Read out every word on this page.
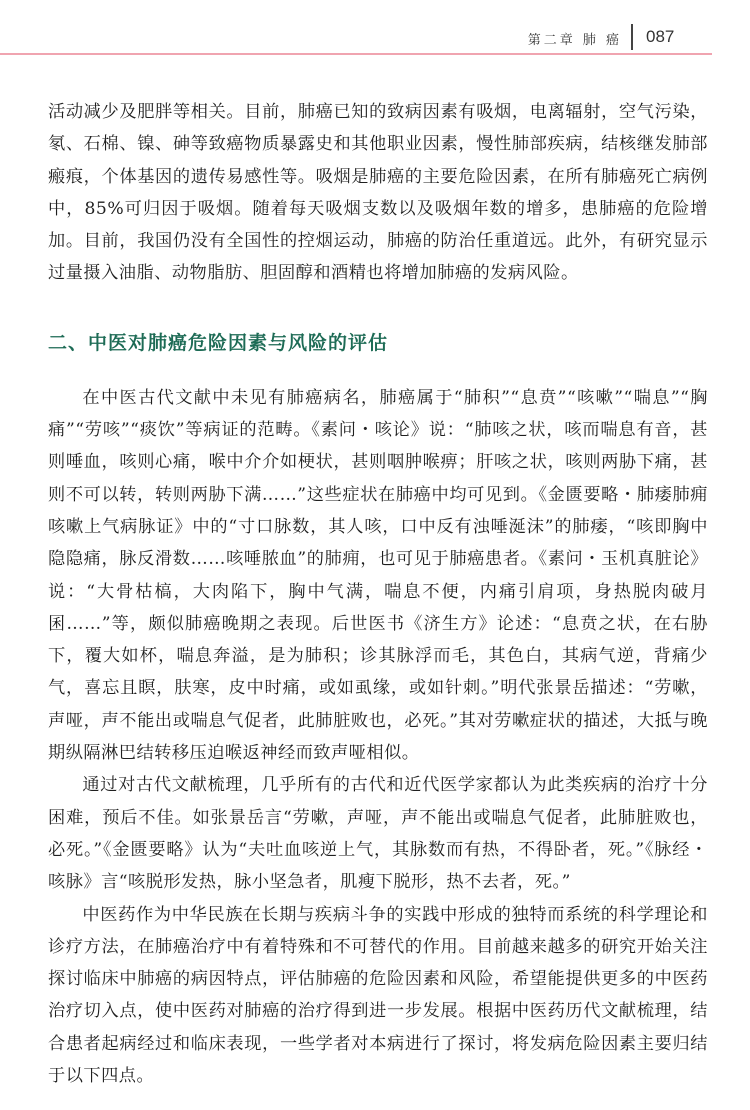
第二章 肺 癌 087

活动减少及肥胖等相关。目前，肺癌已知的致病因素有吸烟，电离辐射，空气污染，氡、石棉、镍、砷等致癌物质暴露史和其他职业因素，慢性肺部疾病，结核继发肺部瘢痕，个体基因的遗传易感性等。吸烟是肺癌的主要危险因素，在所有肺癌死亡病例中，85%可归因于吸烟。随着每天吸烟支数以及吸烟年数的增多，患肺癌的危险增加。目前，我国仍没有全国性的控烟运动，肺癌的防治任重道远。此外，有研究显示过量摄入油脂、动物脂肪、胆固醇和酒精也将增加肺癌的发病风险。

二、中医对肺癌危险因素与风险的评估

在中医古代文献中未见有肺癌病名，肺癌属于“肺积”“息贲”“咳嗽”“喘息”“胸痛”“劳咳”“痰饮”等病证的范畴。《素问・咳论》说：“肺咳之状，咳而喘息有音，甚则唾血，咳则心痛，喉中介介如梗状，甚则咽肿喉痹；肝咳之状，咳则两胁下痛，甚则不可以转，转则两胁下满……”这些症状在肺癌中均可见到。《金匮要略・肺痿肺痈咳嗽上气病脉证》中的“寸口脉数，其人咳，口中反有浊唾涎沫”的肺痿，“咳即胸中隐隐痛，脉反滑数……咳唾脓血”的肺痈，也可见于肺癌患者。《素问・玉机真脏论》说：“大骨枯槁，大肉陷下，胸中气满，喘息不便，内痛引肩项，身热脱肉破月囷……”等，颇似肺癌晚期之表现。后世医书《济生方》论述：“息贲之状，在右胁下，覆大如杯，喘息奔溢，是为肺积；诊其脉浮而毛，其色白，其病气逆，背痛少气，喜忘且瞑，肤寒，皮中时痛，或如虱缘，或如针刺。”明代张景岳描述：“劳嗽，声哑，声不能出或喘息气促者，此肺脏败也，必死。”其对劳嗽症状的描述，大抵与晚期纵隔淋巴结转移压迫喉返神经而致声哑相似。

通过对古代文献梳理，几乎所有的古代和近代医学家都认为此类疾病的治疗十分困难，预后不佳。如张景岳言“劳嗽，声哑，声不能出或喘息气促者，此肺脏败也，必死。”《金匮要略》认为“夫吐血咳逆上气，其脉数而有热，不得卧者，死。”《脉经・咳脉》言“咳脱形发热，脉小坚急者，肌瘦下脱形，热不去者，死。”

中医药作为中华民族在长期与疾病斗争的实践中形成的独特而系统的科学理论和诊疗方法，在肺癌治疗中有着特殊和不可替代的作用。目前越来越多的研究开始关注探讨临床中肺癌的病因特点，评估肺癌的危险因素和风险，希望能提供更多的中医药治疗切入点，使中医药对肺癌的治疗得到进一步发展。根据中医药历代文献梳理，结合患者起病经过和临床表现，一些学者对本病进行了探讨，将发病危险因素主要归结于以下四点。
